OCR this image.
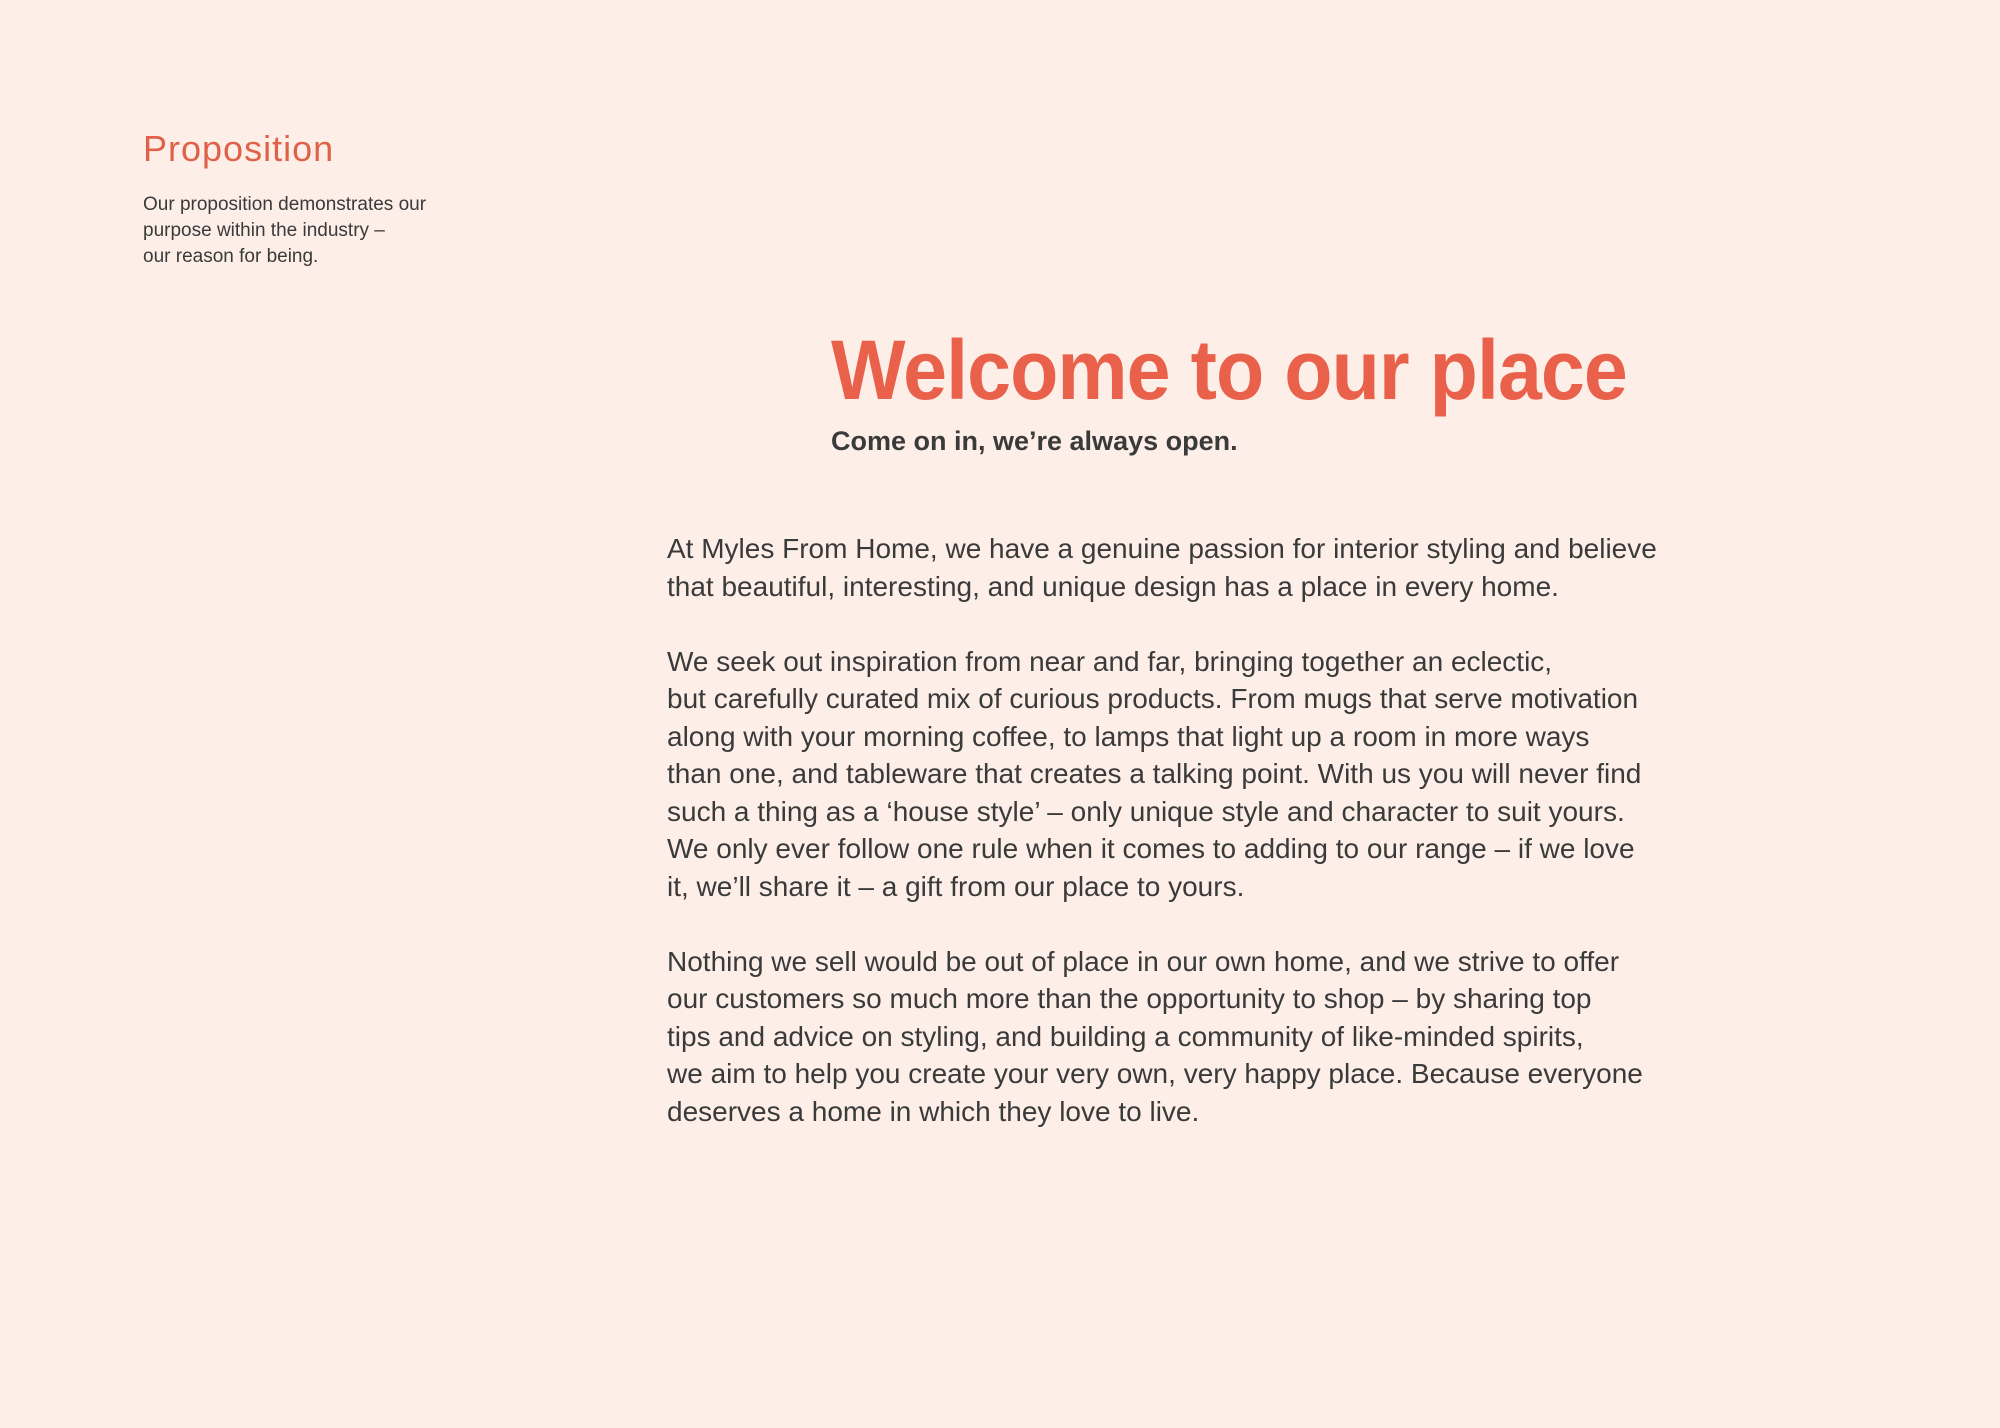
Proposition

Our proposition demonstrates our
purpose within the industry –
our reason for being.

Welcome to our place

Come on in, we’re always open.

At Myles From Home, we have a genuine passion for interior styling and believe
that beautiful, interesting, and unique design has a place in every home.

We seek out inspiration from near and far, bringing together an eclectic,
but carefully curated mix of curious products. From mugs that serve motivation
along with your morning coffee, to lamps that light up a room in more ways
than one, and tableware that creates a talking point. With us you will never find
such a thing as a ‘house style’ – only unique style and character to suit yours.
We only ever follow one rule when it comes to adding to our range – if we love
it, we’ll share it – a gift from our place to yours.

Nothing we sell would be out of place in our own home, and we strive to offer
our customers so much more than the opportunity to shop – by sharing top
tips and advice on styling, and building a community of like-minded spirits,
we aim to help you create your very own, very happy place. Because everyone
deserves a home in which they love to live.
